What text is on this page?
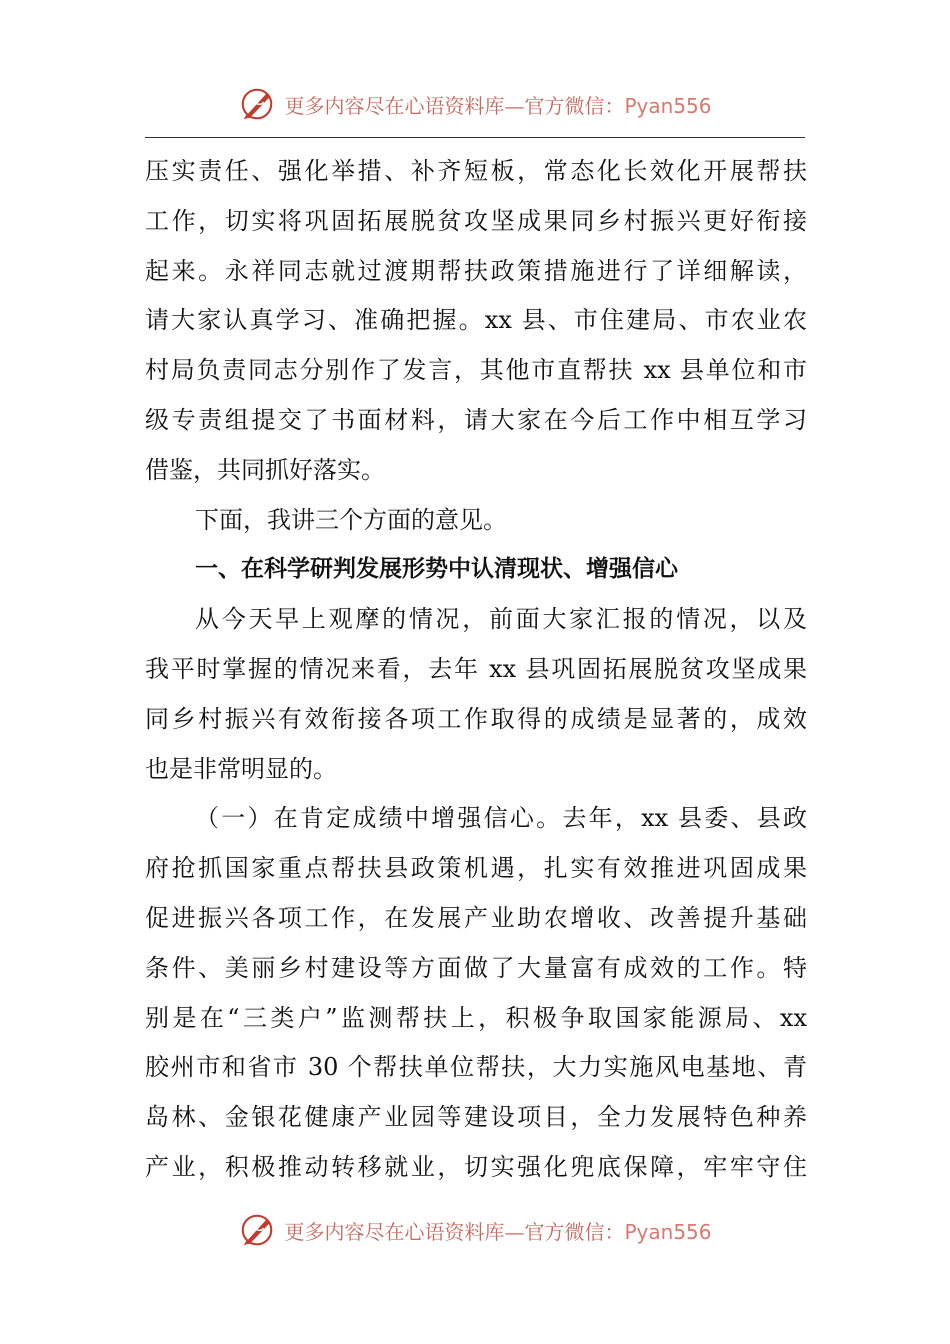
更多内容尽在心语资料库—官方微信：Pyan556
压实责任、强化举措、补齐短板，常态化长效化开展帮扶
工作，切实将巩固拓展脱贫攻坚成果同乡村振兴更好衔接
起来。永祥同志就过渡期帮扶政策措施进行了详细解读，
请大家认真学习、准确把握。xx 县、市住建局、市农业农
村局负责同志分别作了发言，其他市直帮扶 xx 县单位和市
级专责组提交了书面材料，请大家在今后工作中相互学习
借鉴，共同抓好落实。
下面，我讲三个方面的意见。
一、在科学研判发展形势中认清现状、增强信心
从今天早上观摩的情况，前面大家汇报的情况，以及
我平时掌握的情况来看，去年 xx 县巩固拓展脱贫攻坚成果
同乡村振兴有效衔接各项工作取得的成绩是显著的，成效
也是非常明显的。
（一）在肯定成绩中增强信心。去年，xx 县委、县政
府抢抓国家重点帮扶县政策机遇，扎实有效推进巩固成果
促进振兴各项工作，在发展产业助农增收、改善提升基础
条件、美丽乡村建设等方面做了大量富有成效的工作。特
别是在“三类户”监测帮扶上，积极争取国家能源局、xx
胶州市和省市 30 个帮扶单位帮扶，大力实施风电基地、青
岛林、金银花健康产业园等建设项目，全力发展特色种养
产业，积极推动转移就业，切实强化兜底保障，牢牢守住
更多内容尽在心语资料库—官方微信：Pyan556
